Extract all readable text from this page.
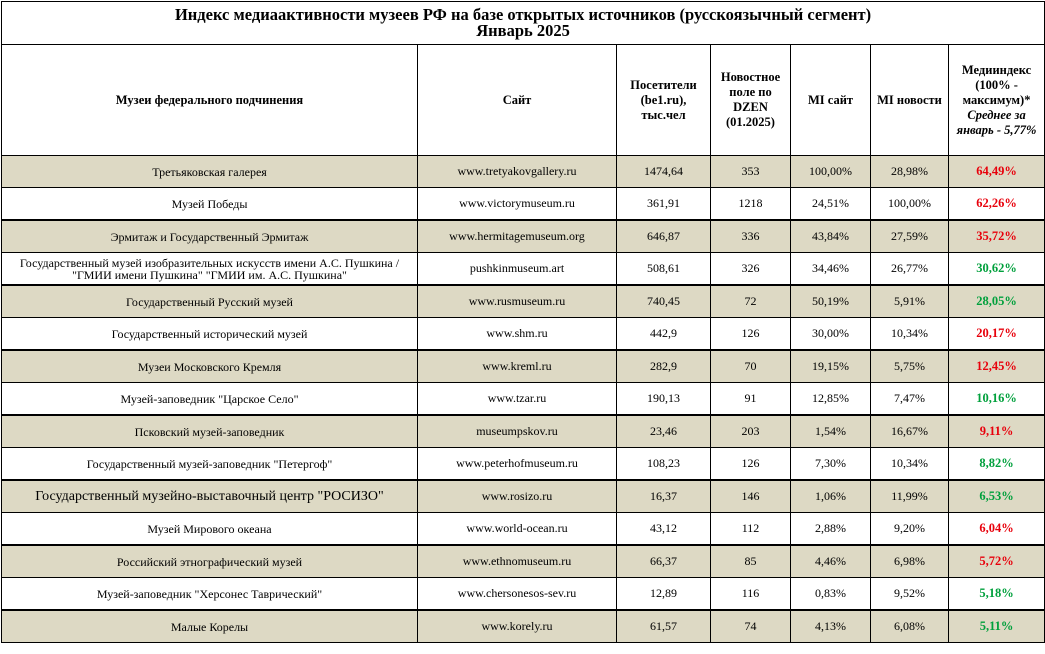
Индекс медиаактивности музеев РФ на базе открытых источников (русскоязычный сегмент)
Январь 2025						

Музеи федерального подчинения	Сайт	Посетители (be1.ru), тыс.чел	Новостное поле по DZEN (01.2025)	MI сайт	MI новости	Медииндекс (100% - максимум)*
Среднее за январь - 5,77%

Третьяковская галерея	www.tretyakovgallery.ru	1474,64	353	100,00%	28,98%	64,49%
Музей Победы	www.victorymuseum.ru	361,91	1218	24,51%	100,00%	62,26%
Эрмитаж и Государственный Эрмитаж	www.hermitagemuseum.org	646,87	336	43,84%	27,59%	35,72%
Государственный музей изобразительных искусств имени А.С. Пушкина / "ГМИИ имени Пушкина" "ГМИИ им. А.С. Пушкина"	pushkinmuseum.art	508,61	326	34,46%	26,77%	30,62%
Государственный Русский музей	www.rusmuseum.ru	740,45	72	50,19%	5,91%	28,05%
Государственный исторический музей	www.shm.ru	442,9	126	30,00%	10,34%	20,17%
Музеи Московского Кремля	www.kreml.ru	282,9	70	19,15%	5,75%	12,45%
Музей-заповедник "Царское Село"	www.tzar.ru	190,13	91	12,85%	7,47%	10,16%
Псковский музей-заповедник	museumpskov.ru	23,46	203	1,54%	16,67%	9,11%
Государственный музей-заповедник "Петергоф"	www.peterhofmuseum.ru	108,23	126	7,30%	10,34%	8,82%
Государственный музейно-выставочный центр "РОСИЗО"	www.rosizo.ru	16,37	146	1,06%	11,99%	6,53%
Музей Мирового океана	www.world-ocean.ru	43,12	112	2,88%	9,20%	6,04%
Российский этнографический музей	www.ethnomuseum.ru	66,37	85	4,46%	6,98%	5,72%
Музей-заповедник "Херсонес Таврический"	www.chersonesos-sev.ru	12,89	116	0,83%	9,52%	5,18%
Малые Корелы	www.korely.ru	61,57	74	4,13%	6,08%	5,11%
